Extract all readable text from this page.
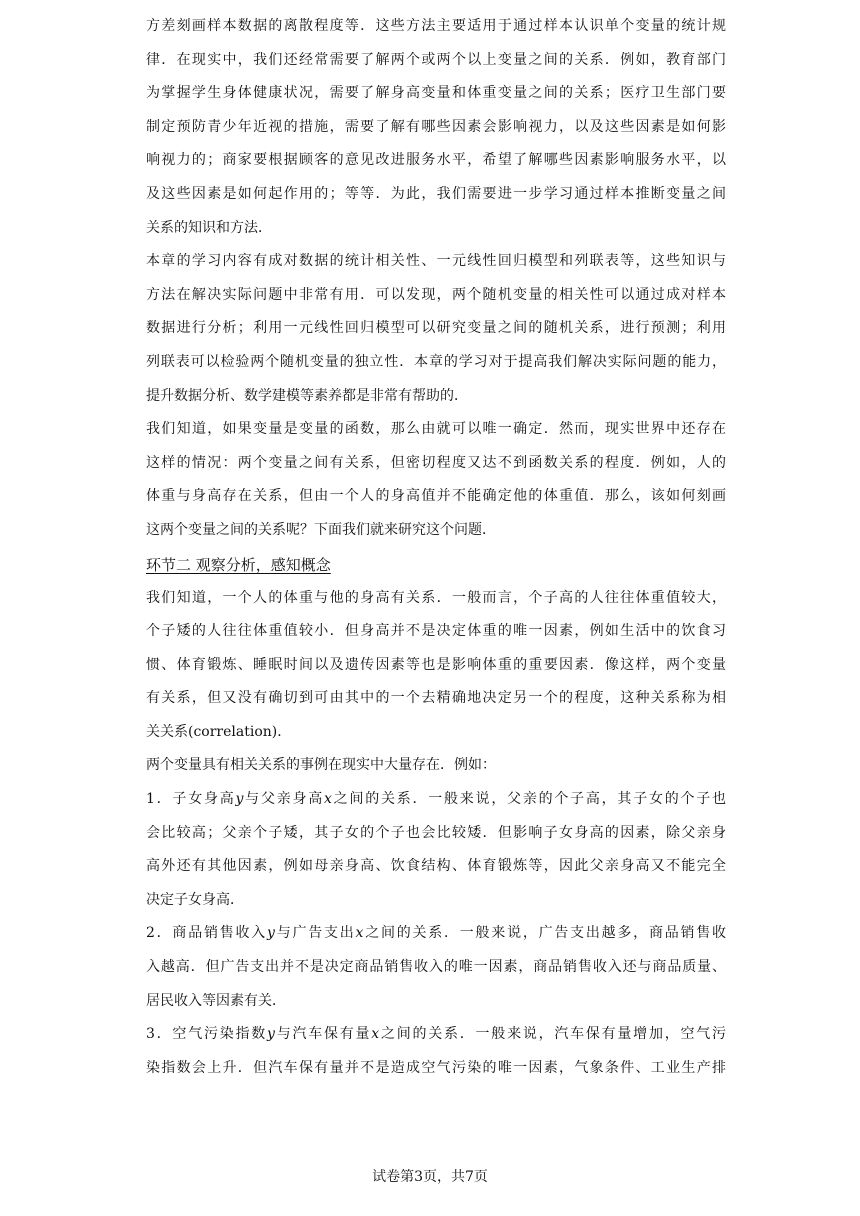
方差刻画样本数据的离散程度等．这些方法主要适用于通过样本认识单个变量的统计规
律．在现实中，我们还经常需要了解两个或两个以上变量之间的关系．例如，教育部门
为掌握学生身体健康状况，需要了解身高变量和体重变量之间的关系；医疗卫生部门要
制定预防青少年近视的措施，需要了解有哪些因素会影响视力，以及这些因素是如何影
响视力的；商家要根据顾客的意见改进服务水平，希望了解哪些因素影响服务水平，以
及这些因素是如何起作用的；等等．为此，我们需要进一步学习通过样本推断变量之间
关系的知识和方法．

本章的学习内容有成对数据的统计相关性、一元线性回归模型和列联表等，这些知识与
方法在解决实际问题中非常有用．可以发现，两个随机变量的相关性可以通过成对样本
数据进行分析；利用一元线性回归模型可以研究变量之间的随机关系，进行预测；利用
列联表可以检验两个随机变量的独立性．本章的学习对于提高我们解决实际问题的能力，
提升数据分析、数学建模等素养都是非常有帮助的．

我们知道，如果变量是变量的函数，那么由就可以唯一确定．然而，现实世界中还存在
这样的情况：两个变量之间有关系，但密切程度又达不到函数关系的程度．例如，人的
体重与身高存在关系，但由一个人的身高值并不能确定他的体重值．那么，该如何刻画
这两个变量之间的关系呢？下面我们就来研究这个问题．

环节二 观察分析，感知概念

我们知道，一个人的体重与他的身高有关系．一般而言，个子高的人往往体重值较大，
个子矮的人往往体重值较小．但身高并不是决定体重的唯一因素，例如生活中的饮食习
惯、体育锻炼、睡眠时间以及遗传因素等也是影响体重的重要因素．像这样，两个变量
有关系，但又没有确切到可由其中的一个去精确地决定另一个的程度，这种关系称为相
关关系(correlation)．

两个变量具有相关关系的事例在现实中大量存在．例如：

1．子女身高y与父亲身高x之间的关系．一般来说，父亲的个子高，其子女的个子也
会比较高；父亲个子矮，其子女的个子也会比较矮．但影响子女身高的因素，除父亲身
高外还有其他因素，例如母亲身高、饮食结构、体育锻炼等，因此父亲身高又不能完全
决定子女身高．

2．商品销售收入y与广告支出x之间的关系．一般来说，广告支出越多，商品销售收
入越高．但广告支出并不是决定商品销售收入的唯一因素，商品销售收入还与商品质量、
居民收入等因素有关．

3．空气污染指数y与汽车保有量x之间的关系．一般来说，汽车保有量增加，空气污
染指数会上升．但汽车保有量并不是造成空气污染的唯一因素，气象条件、工业生产排

试卷第3页，共7页
